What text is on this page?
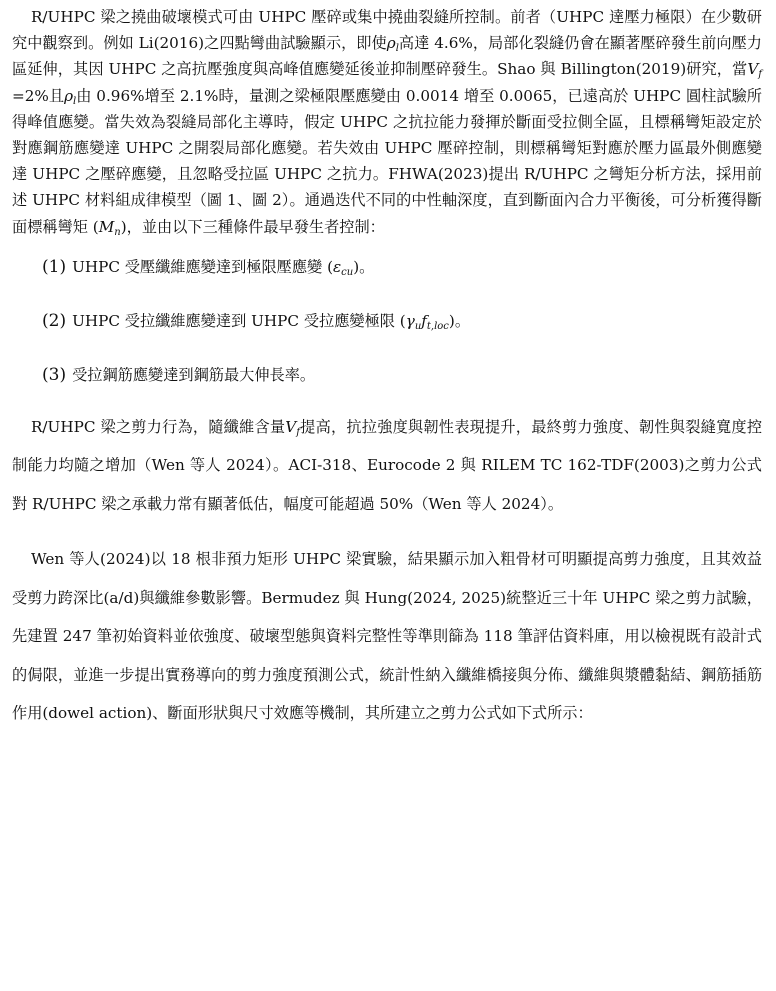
R/UHPC 梁之撓曲破壞模式可由 UHPC 壓碎或集中撓曲裂縫所控制。前者（UHPC 達壓力極限）在少數研究中觀察到。例如 Li(2016)之四點彎曲試驗顯示，即使$\rho_l$高達 4.6%，局部化裂縫仍會在顯著壓碎發生前向壓力區延伸，其因 UHPC 之高抗壓強度與高峰值應變延後並抑制壓碎發生。Shao 與 Billington(2019)研究，當$V_f=2\%$且$\rho_l$由 0.96%增至 2.1%時，量測之梁極限壓應變由 0.0014 增至 0.0065，已遠高於 UHPC 圓柱試驗所得峰值應變。當失效為裂縫局部化主導時，假定 UHPC 之抗拉能力發揮於斷面受拉側全區，且標稱彎矩設定於對應鋼筋應變達 UHPC 之開裂局部化應變。若失效由 UHPC 壓碎控制，則標稱彎矩對應於壓力區最外側應變達 UHPC 之壓碎應變，且忽略受拉區 UHPC 之抗力。FHWA(2023)提出 R/UHPC 之彎矩分析方法，採用前述 UHPC 材料組成律模型（圖 1、圖 2）。通過迭代不同的中性軸深度，直到斷面內合力平衡後，可分析獲得斷面標稱彎矩 $(M_n)$，並由以下三種條件最早發生者控制：

(1) UHPC 受壓纖維應變達到極限壓應變 $(\varepsilon_{cu})$。
(2) UHPC 受拉纖維應變達到 UHPC 受拉應變極限 $(\gamma_uf_{t,loc})$。
(3) 受拉鋼筋應變達到鋼筋最大伸長率。

R/UHPC 梁之剪力行為，隨纖維含量$V_f$提高，抗拉強度與韌性表現提升，最終剪力強度、韌性與裂縫寬度控制能力均隨之增加（Wen 等人 2024）。ACI-318、Eurocode 2 與 RILEM TC 162-TDF(2003)之剪力公式對 R/UHPC 梁之承載力常有顯著低估，幅度可能超過 50%（Wen 等人 2024）。

Wen 等人(2024)以 18 根非預力矩形 UHPC 梁實驗，結果顯示加入粗骨材可明顯提高剪力強度，且其效益受剪力跨深比(a/d)與纖維參數影響。Bermudez 與 Hung(2024, 2025)統整近三十年 UHPC 梁之剪力試驗，先建置 247 筆初始資料並依強度、破壞型態與資料完整性等準則篩為 118 筆評估資料庫，用以檢視既有設計式的侷限，並進一步提出實務導向的剪力強度預測公式，統計性納入纖維橋接與分佈、纖維與漿體黏結、鋼筋插筋作用(dowel action)、斷面形狀與尺寸效應等機制，其所建立之剪力公式如下式所示：
